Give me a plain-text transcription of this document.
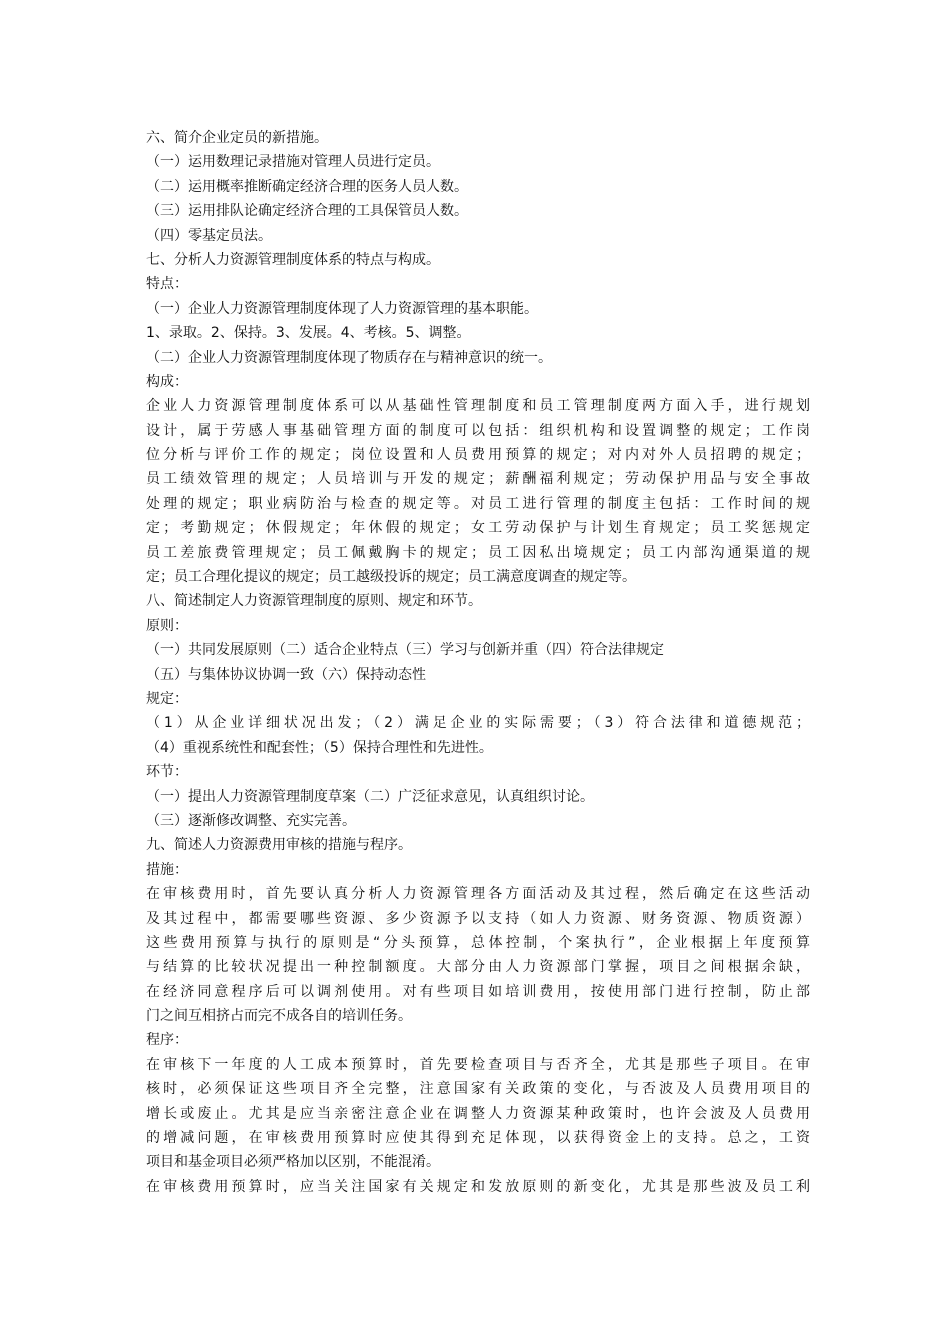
六、简介企业定员的新措施。
（一）运用数理记录措施对管理人员进行定员。
（二）运用概率推断确定经济合理的医务人员人数。
（三）运用排队论确定经济合理的工具保管员人数。
（四）零基定员法。
七、分析人力资源管理制度体系的特点与构成。
特点：
（一）企业人力资源管理制度体现了人力资源管理的基本职能。
1、录取。2、保持。3、发展。4、考核。5、调整。
（二）企业人力资源管理制度体现了物质存在与精神意识的统一。
构成：
企业人力资源管理制度体系可以从基础性管理制度和员工管理制度两方面入手，进行规划
设计，属于劳感人事基础管理方面的制度可以包括：组织机构和设置调整的规定；工作岗
位分析与评价工作的规定；岗位设置和人员费用预算的规定；对内对外人员招聘的规定；
员工绩效管理的规定；人员培训与开发的规定；薪酬福利规定；劳动保护用品与安全事故
处理的规定；职业病防治与检查的规定等。对员工进行管理的制度主包括：工作时间的规
定；考勤规定；休假规定；年休假的规定；女工劳动保护与计划生育规定；员工奖惩规定
员工差旅费管理规定；员工佩戴胸卡的规定；员工因私出境规定；员工内部沟通渠道的规
定；员工合理化提议的规定；员工越级投诉的规定；员工满意度调查的规定等。
八、简述制定人力资源管理制度的原则、规定和环节。
原则：
（一）共同发展原则（二）适合企业特点（三）学习与创新并重（四）符合法律规定
（五）与集体协议协调一致（六）保持动态性
规定：
（1）从企业详细状况出发；（2）满足企业的实际需要；（3）符合法律和道德规范；
（4）重视系统性和配套性；（5）保持合理性和先进性。
环节：
（一）提出人力资源管理制度草案（二）广泛征求意见，认真组织讨论。
（三）逐渐修改调整、充实完善。
九、简述人力资源费用审核的措施与程序。
措施：
在审核费用时，首先要认真分析人力资源管理各方面活动及其过程，然后确定在这些活动
及其过程中，都需要哪些资源、多少资源予以支持（如人力资源、财务资源、物质资源）
这些费用预算与执行的原则是“分头预算，总体控制，个案执行”，企业根据上年度预算
与结算的比较状况提出一种控制额度。大部分由人力资源部门掌握，项目之间根据余缺，
在经济同意程序后可以调剂使用。对有些项目如培训费用，按使用部门进行控制，防止部
门之间互相挤占而完不成各自的培训任务。
程序：
在审核下一年度的人工成本预算时，首先要检查项目与否齐全，尤其是那些子项目。在审
核时，必须保证这些项目齐全完整，注意国家有关政策的变化，与否波及人员费用项目的
增长或废止。尤其是应当亲密注意企业在调整人力资源某种政策时，也许会波及人员费用
的增减问题，在审核费用预算时应使其得到充足体现，以获得资金上的支持。总之，工资
项目和基金项目必须严格加以区别，不能混淆。
在审核费用预算时，应当关注国家有关规定和发放原则的新变化，尤其是那些波及员工利
